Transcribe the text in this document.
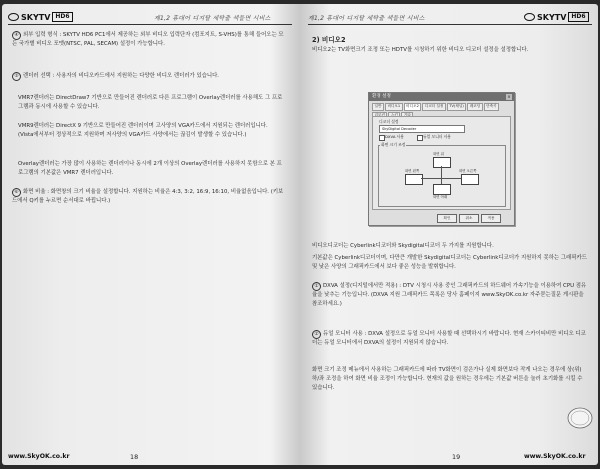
SKYTV HD6	제1,2 휴대어 디지탈 세탁출 색들면 시비스
④ 외부 입력 형식 : SKYTV HD6 PC1에서 제공하는 외부 비디오 입력단자 (컴포지트, S-VHS)를 통해 들어오는 모든 국가별 비디오 포맷(NTSC, PAL, SECAM) 설정이 가능합니다.
⑤ 렌더러 선택 : 사용자의 비디오카드에서 지원하는 다양한 비디오 렌더러가 있습니다.
VMR7렌더러는 DirectDraw7 기반으로 만들어진 렌더러로 다른 프로그램이 Overlay렌더러를 사용해도 그 프로그램과 동시에 사용할 수 있습니다.
VMR9렌더러는 DirectX 9 기반으로 만들어진 렌더러이며 고사양의 VGA카드에서 지원되는 렌더러입니다. (Vista에서부터 정상적으로 지원하며 저사양의 VGA카드 사양에서는 끊김이 발생할 수 있습니다.)
Overlay렌더러는 가장 많이 사용하는 렌더러이나 동시에 2개 이상의 Overlay렌더러를 사용하지 못함으로 본 프로그램의 기본값은 VMR7 렌더러입니다.
⑥ 화면 비율 : 화면창의 크기 비율을 설정합니다. 지원하는 비율은 4:3, 3:2, 16:9, 16:10, 비율없음입니다. (키보드에서 Q키를 누르면 순서대로 바뀝니다.)
www.SkyOK.co.kr	18
제1,2 휴대어 디지탈 세탁출 색들면 시비스	SKYTV HD6
2) 비디오2
비디오2는 TV화면크기 조정 또는 HDTV를 시청하기 위한 비디오 디코더 설정을 설정합니다.
환경 설정	×
일반	비디오1	비디오2	디코더 설정	TV(채널)	레코딩	단축키
리모컨	스킨	기타
디코더 설정
SkyDigital Decoder
DXVA 사용	듀얼 모니터 사용
화면 크기 조정
화면 위
화면 왼쪽	화면 오른쪽
화면 아래
확인	취소	적용
비디오디코더는 Cyberlink디코더와 Skydigital디코더 두 가지를 지원합니다.
기본값은 Cyberlink디코더이며, 다만큰 개발한 Skydigital디코더는 Cyberlink디코더가 지원하지 못하는 그래픽카드 및 낮은 사양의 그래픽카드에서 보다 좋은 성능을 발휘합니다.
① DXVA 설정(디지털에서만 적용) : DTV 시청시 사용 중인 그래픽카드의 하드웨어 가속기능을 이용하여 CPU 점유율을 낮추는 기능입니다. (DXVA 지원 그래픽카드 목록은 당사 홈페이지 www.SkyOK.co.kr 자주묻는질문 게시판을 참조하세요.)
② 듀얼 모니터 사용 : DXVA 설정으로 듀얼 모니터 사용할 때 선택하시기 바랍니다. 현재 스카이티비만 비디오 디코더는 듀얼 모니터에서 DXVA의 설정이 지원되지 않습니다.
화면 크기 조정 메뉴에서 사용하는 그래픽카드에 따라 TV화면이 검은가나 실제 화면보다 작게 나오는 경우에 상(위)하/좌 조정을 하여 화면 비율 조정이 가능합니다. 현재의 값을 원하는 경우에는 기본값 버튼을 눌러 초기화를 시킬 수 있습니다.
19	www.SkyOK.co.kr
